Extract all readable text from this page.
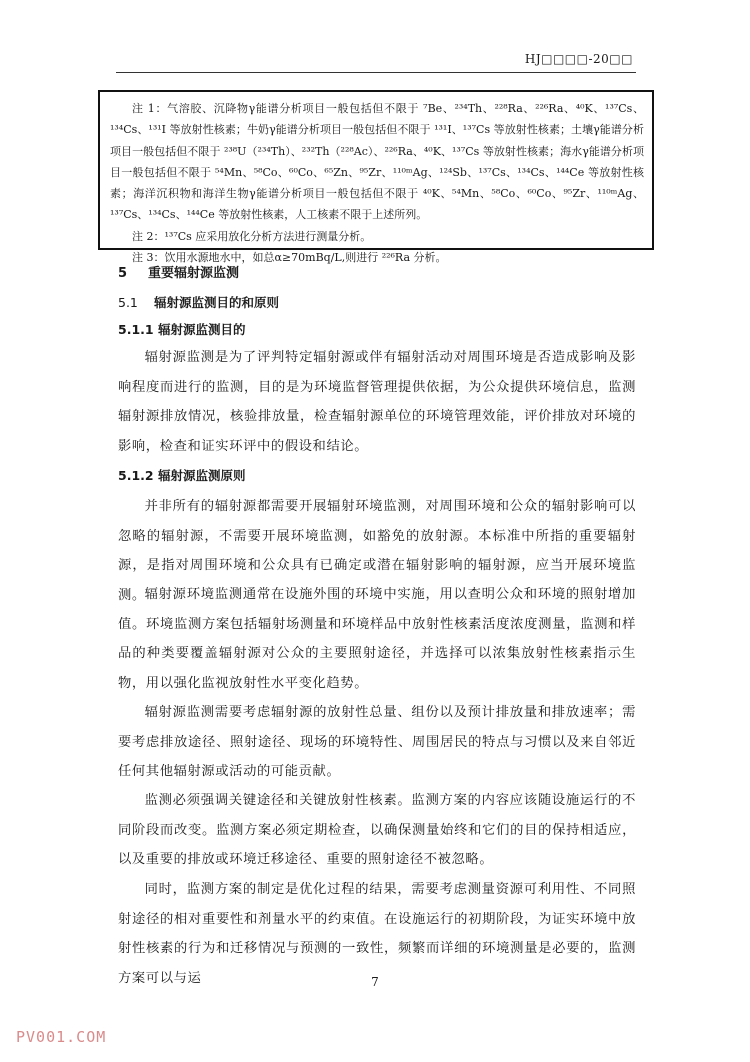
HJ□□□□-20□□

注 1：气溶胶、沉降物γ能谱分析项目一般包括但不限于 ⁷Be、²³⁴Th、²²⁸Ra、²²⁶Ra、⁴⁰K、¹³⁷Cs、¹³⁴Cs、¹³¹I 等放射性核素；牛奶γ能谱分析项目一般包括但不限于 ¹³¹I、¹³⁷Cs 等放射性核素；土壤γ能谱分析项目一般包括但不限于 ²³⁸U（²³⁴Th）、²³²Th（²²⁸Ac）、²²⁶Ra、⁴⁰K、¹³⁷Cs 等放射性核素；海水γ能谱分析项目一般包括但不限于 ⁵⁴Mn、⁵⁸Co、⁶⁰Co、⁶⁵Zn、⁹⁵Zr、¹¹⁰ᵐAg、¹²⁴Sb、¹³⁷Cs、¹³⁴Cs、¹⁴⁴Ce 等放射性核素；海洋沉积物和海洋生物γ能谱分析项目一般包括但不限于 ⁴⁰K、⁵⁴Mn、⁵⁸Co、⁶⁰Co、⁹⁵Zr、¹¹⁰ᵐAg、¹³⁷Cs、¹³⁴Cs、¹⁴⁴Ce 等放射性核素，人工核素不限于上述所列。

注 2：¹³⁷Cs 应采用放化分析方法进行测量分析。

注 3：饮用水源地水中，如总α≥70mBq/L,则进行 ²²⁶Ra 分析。

5 重要辐射源监测
5.1 辐射源监测目的和原则
5.1.1 辐射源监测目的

辐射源监测是为了评判特定辐射源或伴有辐射活动对周围环境是否造成影响及影响程度而进行的监测，目的是为环境监督管理提供依据，为公众提供环境信息，监测辐射源排放情况，核验排放量，检查辐射源单位的环境管理效能，评价排放对环境的影响，检查和证实环评中的假设和结论。

5.1.2 辐射源监测原则

并非所有的辐射源都需要开展辐射环境监测，对周围环境和公众的辐射影响可以忽略的辐射源，不需要开展环境监测，如豁免的放射源。本标准中所指的重要辐射源，是指对周围环境和公众具有已确定或潜在辐射影响的辐射源，应当开展环境监测。

辐射源环境监测通常在设施外围的环境中实施，用以查明公众和环境的照射增加值。环境监测方案包括辐射场测量和环境样品中放射性核素活度浓度测量，监测和样品的种类要覆盖辐射源对公众的主要照射途径，并选择可以浓集放射性核素指示生物，用以强化监视放射性水平变化趋势。

辐射源监测需要考虑辐射源的放射性总量、组份以及预计排放量和排放速率；需要考虑排放途径、照射途径、现场的环境特性、周围居民的特点与习惯以及来自邻近任何其他辐射源或活动的可能贡献。

监测必须强调关键途径和关键放射性核素。监测方案的内容应该随设施运行的不同阶段而改变。监测方案必须定期检查，以确保测量始终和它们的目的保持相适应，以及重要的排放或环境迁移途径、重要的照射途径不被忽略。

同时，监测方案的制定是优化过程的结果，需要考虑测量资源可利用性、不同照射途径的相对重要性和剂量水平的约束值。在设施运行的初期阶段，为证实环境中放射性核素的行为和迁移情况与预测的一致性，频繁而详细的环境测量是必要的，监测方案可以与运	7
PV001.COM
